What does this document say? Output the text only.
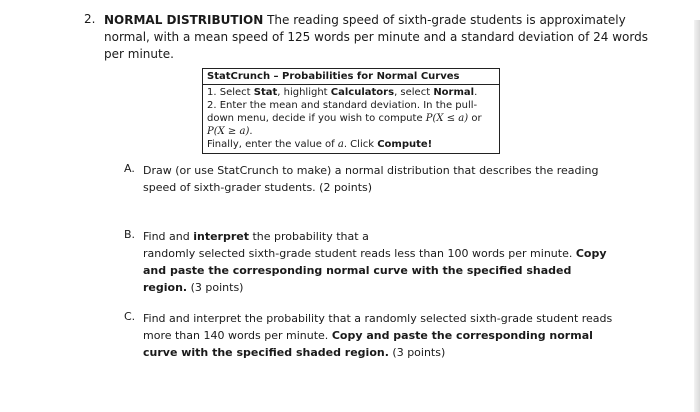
2. NORMAL DISTRIBUTION The reading speed of sixth-grade students is approximately normal, with a mean speed of 125 words per minute and a standard deviation of 24 words per minute.
StatCrunch – Probabilities for Normal Curves
1. Select Stat, highlight Calculators, select Normal.
2. Enter the mean and standard deviation. In the pull-down menu, decide if you wish to compute P(X ≤ a) or P(X ≥ a).
Finally, enter the value of a. Click Compute!
A. Draw (or use StatCrunch to make) a normal distribution that describes the reading speed of sixth-grader students. (2 points)
B. Find and interpret the probability that a
randomly selected sixth-grade student reads less than 100 words per minute. Copy and paste the corresponding normal curve with the specified shaded region. (3 points)
C. Find and interpret the probability that a randomly selected sixth-grade student reads more than 140 words per minute. Copy and paste the corresponding normal curve with the specified shaded region. (3 points)
